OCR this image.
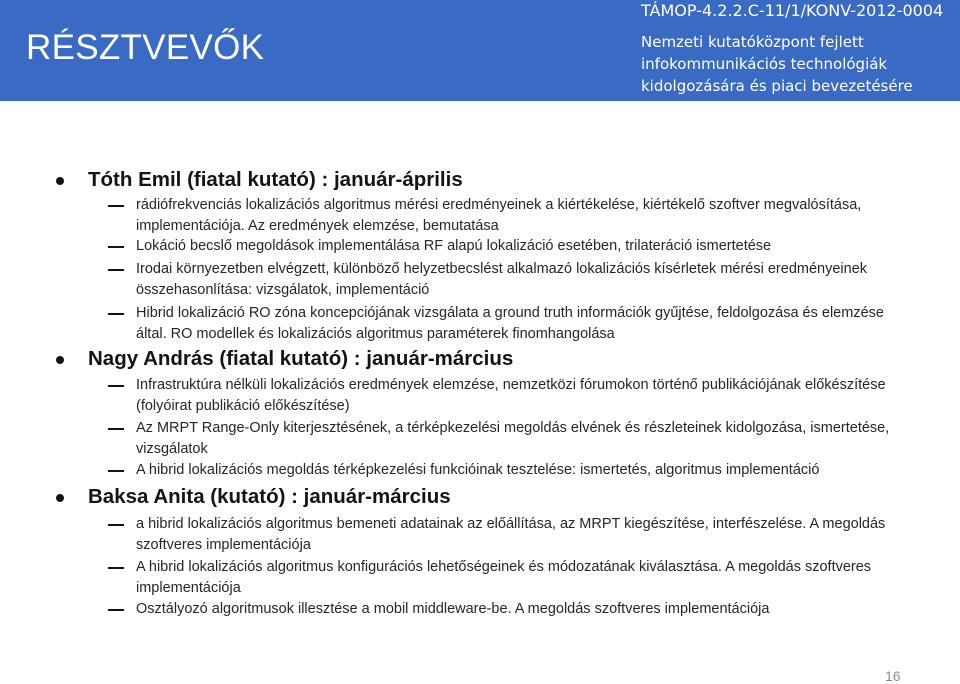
RÉSZTVEVŐK
TÁMOP-4.2.2.C-11/1/KONV-2012-0004
Nemzeti kutatóközpont fejlett
infokommunikációs technológiák
kidolgozására és piaci bevezetésére
Tóth Emil (fiatal kutató) : január-április
rádiófrekvenciás lokalizációs algoritmus mérési eredményeinek a kiértékelése, kiértékelő szoftver megvalósítása, implementációja. Az eredmények elemzése, bemutatása
Lokáció becslő megoldások implementálása RF alapú lokalizáció esetében, trilateráció ismertetése
Irodai környezetben elvégzett, különböző helyzetbecslést alkalmazó lokalizációs kísérletek mérési eredményeinek összehasonlítása: vizsgálatok, implementáció
Hibrid lokalizáció RO zóna koncepciójának vizsgálata a ground truth információk gyűjtése, feldolgozása és elemzése által. RO modellek és lokalizációs algoritmus paraméterek finomhangolása
Nagy András (fiatal kutató) : január-március
Infrastruktúra nélküli lokalizációs eredmények elemzése, nemzetközi fórumokon történő publikációjának előkészítése (folyóirat publikáció előkészítése)
Az MRPT Range-Only kiterjesztésének, a térképkezelési megoldás elvének és részleteinek kidolgozása, ismertetése, vizsgálatok
A hibrid lokalizációs megoldás térképkezelési funkcióinak tesztelése: ismertetés, algoritmus implementáció
Baksa Anita (kutató) : január-március
a hibrid lokalizációs algoritmus bemeneti adatainak az előállítása, az MRPT kiegészítése, interfészelése. A megoldás szoftveres implementációja
A hibrid lokalizációs algoritmus konfigurációs lehetőségeinek és módozatának kiválasztása. A megoldás szoftveres implementációja
Osztályozó algoritmusok illesztése a mobil middleware-be. A megoldás szoftveres implementációja
16
